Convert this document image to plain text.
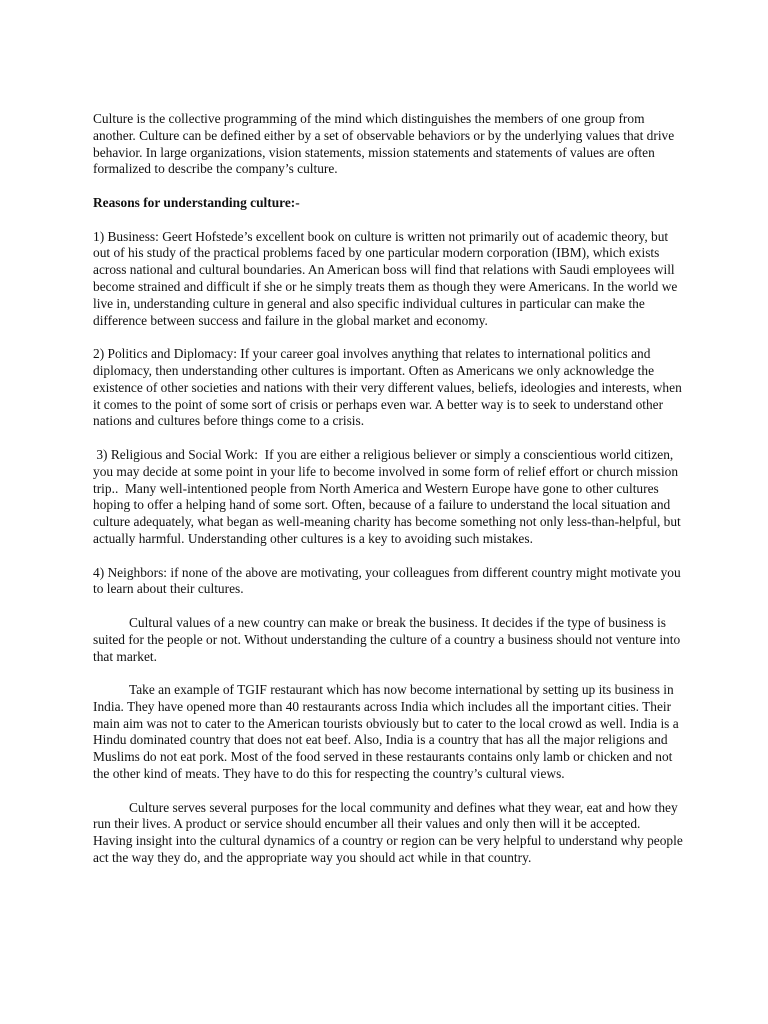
Culture is the collective programming of the mind which distinguishes the members of one group from another. Culture can be defined either by a set of observable behaviors or by the underlying values that drive behavior. In large organizations, vision statements, mission statements and statements of values are often formalized to describe the company’s culture.

Reasons for understanding culture:-

1) Business: Geert Hofstede’s excellent book on culture is written not primarily out of academic theory, but out of his study of the practical problems faced by one particular modern corporation (IBM), which exists across national and cultural boundaries. An American boss will find that relations with Saudi employees will become strained and difficult if she or he simply treats them as though they were Americans. In the world we live in, understanding culture in general and also specific individual cultures in particular can make the difference between success and failure in the global market and economy.

2) Politics and Diplomacy: If your career goal involves anything that relates to international politics and diplomacy, then understanding other cultures is important. Often as Americans we only acknowledge the existence of other societies and nations with their very different values, beliefs, ideologies and interests, when it comes to the point of some sort of crisis or perhaps even war. A better way is to seek to understand other nations and cultures before things come to a crisis.

3) Religious and Social Work:  If you are either a religious believer or simply a conscientious world citizen, you may decide at some point in your life to become involved in some form of relief effort or church mission trip..  Many well-intentioned people from North America and Western Europe have gone to other cultures hoping to offer a helping hand of some sort. Often, because of a failure to understand the local situation and culture adequately, what began as well-meaning charity has become something not only less-than-helpful, but actually harmful. Understanding other cultures is a key to avoiding such mistakes.

4) Neighbors: if none of the above are motivating, your colleagues from different country might motivate you to learn about their cultures.

Cultural values of a new country can make or break the business. It decides if the type of business is suited for the people or not. Without understanding the culture of a country a business should not venture into that market.

Take an example of TGIF restaurant which has now become international by setting up its business in India. They have opened more than 40 restaurants across India which includes all the important cities. Their main aim was not to cater to the American tourists obviously but to cater to the local crowd as well. India is a Hindu dominated country that does not eat beef. Also, India is a country that has all the major religions and Muslims do not eat pork. Most of the food served in these restaurants contains only lamb or chicken and not the other kind of meats. They have to do this for respecting the country’s cultural views.

Culture serves several purposes for the local community and defines what they wear, eat and how they run their lives. A product or service should encumber all their values and only then will it be accepted. Having insight into the cultural dynamics of a country or region can be very helpful to understand why people act the way they do, and the appropriate way you should act while in that country.
